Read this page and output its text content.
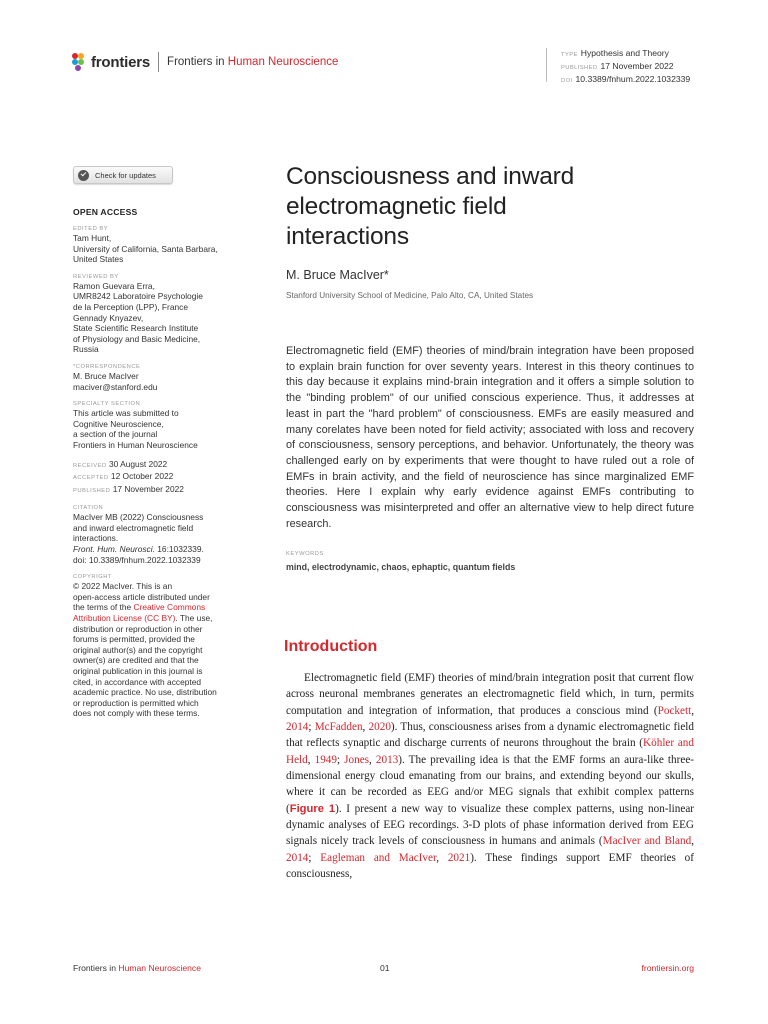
frontiers Frontiers in Human Neuroscience
TYPE Hypothesis and Theory
PUBLISHED 17 November 2022
DOI 10.3389/fnhum.2022.1032339
Check for updates
OPEN ACCESS
EDITED BY
Tam Hunt,
University of California, Santa Barbara,
United States
REVIEWED BY
Ramon Guevara Erra,
UMR8242 Laboratoire Psychologie
de la Perception (LPP), France
Gennady Knyazev,
State Scientific Research Institute
of Physiology and Basic Medicine,
Russia
*CORRESPONDENCE
M. Bruce MacIver
maciver@stanford.edu
SPECIALTY SECTION
This article was submitted to
Cognitive Neuroscience,
a section of the journal
Frontiers in Human Neuroscience
RECEIVED 30 August 2022
ACCEPTED 12 October 2022
PUBLISHED 17 November 2022
CITATION
MacIver MB (2022) Consciousness
and inward electromagnetic field
interactions.
Front. Hum. Neurosci. 16:1032339.
doi: 10.3389/fnhum.2022.1032339
COPYRIGHT
© 2022 MacIver. This is an
open-access article distributed under
the terms of the Creative Commons
Attribution License (CC BY). The use,
distribution or reproduction in other
forums is permitted, provided the
original author(s) and the copyright
owner(s) are credited and that the
original publication in this journal is
cited, in accordance with accepted
academic practice. No use, distribution
or reproduction is permitted which
does not comply with these terms.
Consciousness and inward
electromagnetic field
interactions
M. Bruce MacIver*
Stanford University School of Medicine, Palo Alto, CA, United States

Electromagnetic field (EMF) theories of mind/brain integration have been proposed to explain brain function for over seventy years. Interest in this theory continues to this day because it explains mind-brain integration and it offers a simple solution to the "binding problem" of our unified conscious experience. Thus, it addresses at least in part the "hard problem" of consciousness. EMFs are easily measured and many corelates have been noted for field activity; associated with loss and recovery of consciousness, sensory perceptions, and behavior. Unfortunately, the theory was challenged early on by experiments that were thought to have ruled out a role of EMFs in brain activity, and the field of neuroscience has since marginalized EMF theories. Here I explain why early evidence against EMFs contributing to consciousness was misinterpreted and offer an alternative view to help direct future research.

KEYWORDS
mind, electrodynamic, chaos, ephaptic, quantum fields
Introduction

Electromagnetic field (EMF) theories of mind/brain integration posit that current flow across neuronal membranes generates an electromagnetic field which, in turn, permits computation and integration of information, that produces a conscious mind (Pockett, 2014; McFadden, 2020). Thus, consciousness arises from a dynamic electromagnetic field that reflects synaptic and discharge currents of neurons throughout the brain (Köhler and Held, 1949; Jones, 2013). The prevailing idea is that the EMF forms an aura-like three-dimensional energy cloud emanating from our brains, and extending beyond our skulls, where it can be recorded as EEG and/or MEG signals that exhibit complex patterns (Figure 1). I present a new way to visualize these complex patterns, using non-linear dynamic analyses of EEG recordings. 3-D plots of phase information derived from EEG signals nicely track levels of consciousness in humans and animals (MacIver and Bland, 2014; Eagleman and MacIver, 2021). These findings support EMF theories of consciousness,

Frontiers in Human Neuroscience	01	frontiersin.org
